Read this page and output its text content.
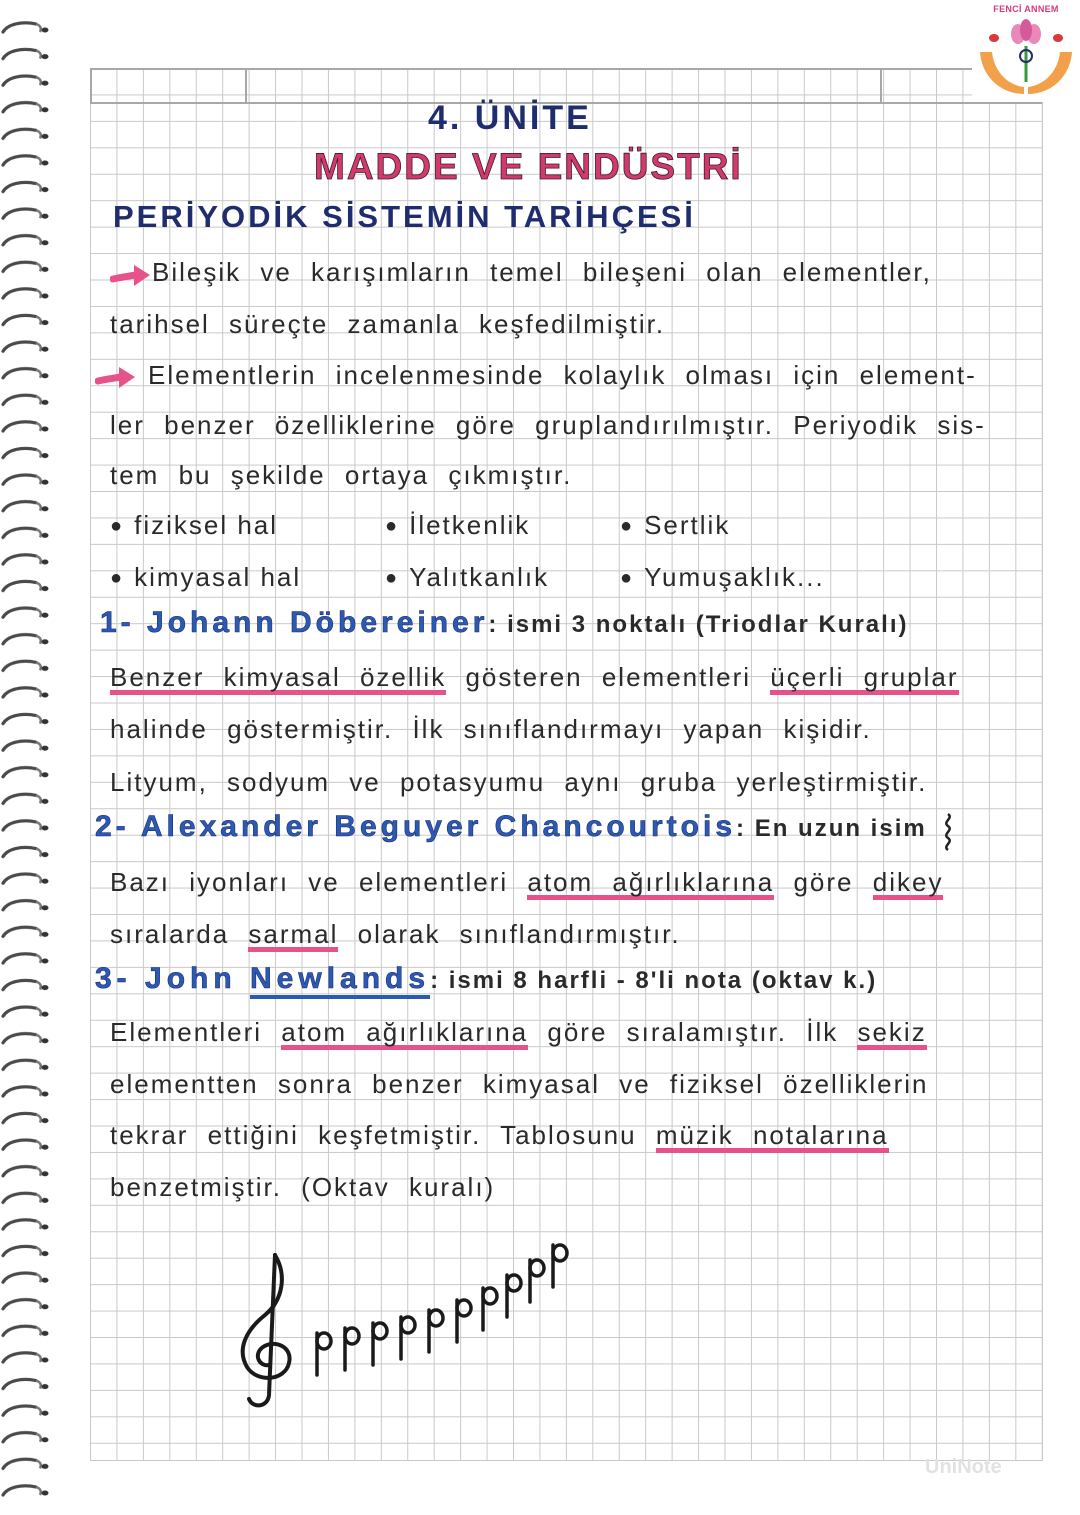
FENCİ ANNEM
4. ÜNİTE
MADDE VE ENDÜSTRİ
PERİYODİK SİSTEMİN TARİHÇESİ
Bileşik ve karışımların temel bileşeni olan elementler,
tarihsel süreçte zamanla keşfedilmiştir.
Elementlerin incelenmesinde kolaylık olması için element-
ler benzer özelliklerine göre gruplandırılmıştır. Periyodik sis-
tem bu şekilde ortaya çıkmıştır.
● fiziksel hal	● İletkenlik	● Sertlik
● kimyasal hal	● Yalıtkanlık	● Yumuşaklık...
1- Johann Döbereiner: ismi 3 noktalı (Triodlar Kuralı)
Benzer kimyasal özellik gösteren elementleri üçerli gruplar
halinde göstermiştir. İlk sınıflandırmayı yapan kişidir.
Lityum, sodyum ve potasyumu aynı gruba yerleştirmiştir.
2- Alexander Beguyer Chancourtois: En uzun isim
Bazı iyonları ve elementleri atom ağırlıklarına göre dikey
sıralarda sarmal olarak sınıflandırmıştır.
3- John Newlands: ismi 8 harfli - 8'li nota (oktav k.)
Elementleri atom ağırlıklarına göre sıralamıştır. İlk sekiz
elementten sonra benzer kimyasal ve fiziksel özelliklerin
tekrar ettiğini keşfetmiştir. Tablosunu müzik notalarına
benzetmiştir. (Oktav kuralı)
UniNote
